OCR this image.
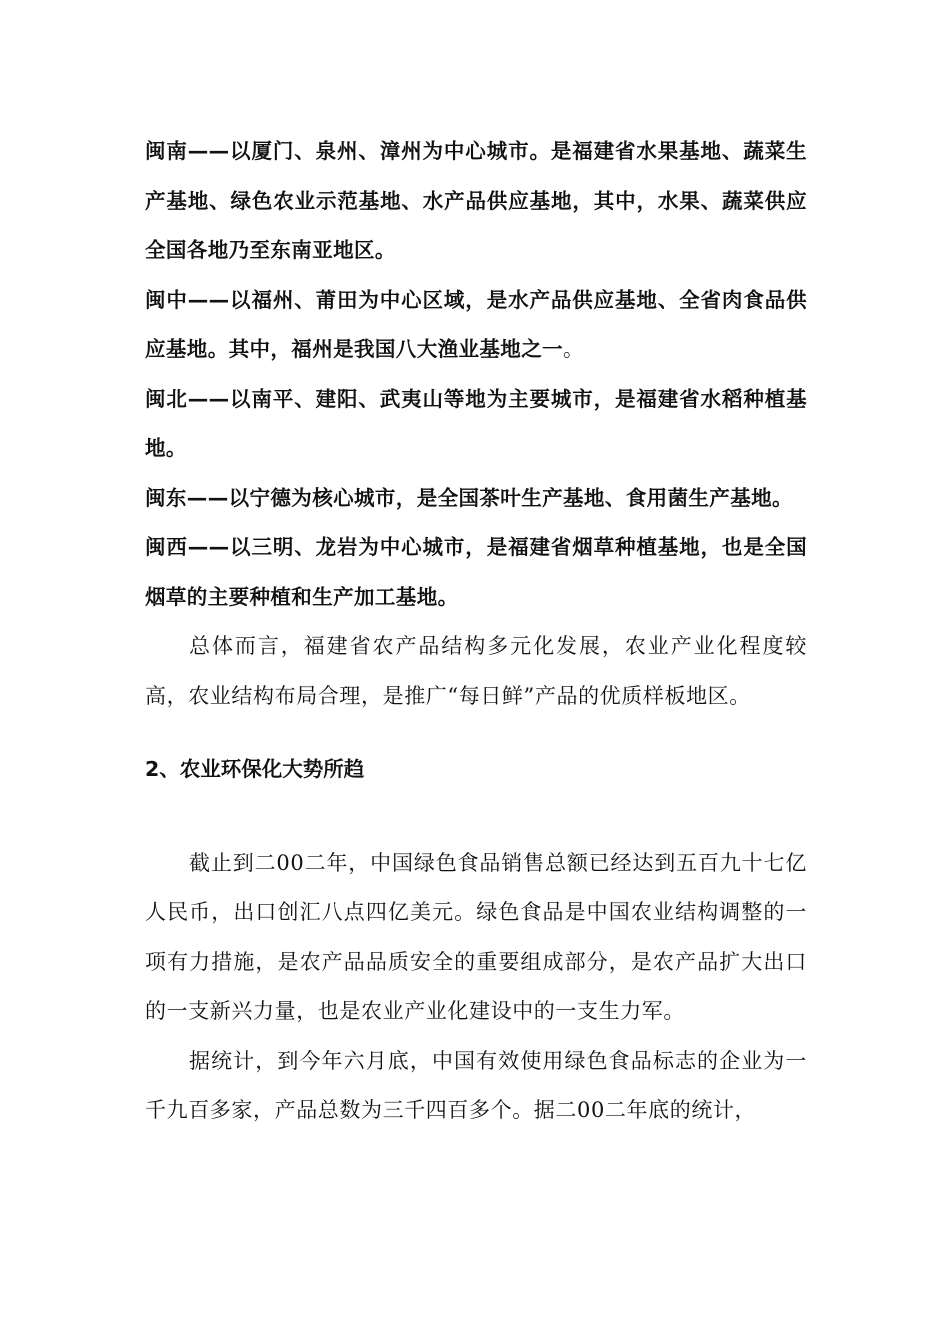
闽南——以厦门、泉州、漳州为中心城市。是福建省水果基地、蔬菜生产基地、绿色农业示范基地、水产品供应基地，其中，水果、蔬菜供应全国各地乃至东南亚地区。

闽中——以福州、莆田为中心区域，是水产品供应基地、全省肉食品供应基地。其中，福州是我国八大渔业基地之一。

闽北——以南平、建阳、武夷山等地为主要城市，是福建省水稻种植基地。

闽东——以宁德为核心城市，是全国茶叶生产基地、食用菌生产基地。

闽西——以三明、龙岩为中心城市，是福建省烟草种植基地，也是全国烟草的主要种植和生产加工基地。

总体而言，福建省农产品结构多元化发展，农业产业化程度较高，农业结构布局合理，是推广“每日鲜”产品的优质样板地区。

2、农业环保化大势所趋

截止到二00二年，中国绿色食品销售总额已经达到五百九十七亿人民币，出口创汇八点四亿美元。绿色食品是中国农业结构调整的一项有力措施，是农产品品质安全的重要组成部分，是农产品扩大出口的一支新兴力量，也是农业产业化建设中的一支生力军。

据统计，到今年六月底，中国有效使用绿色食品标志的企业为一千九百多家，产品总数为三千四百多个。据二00二年底的统计，
